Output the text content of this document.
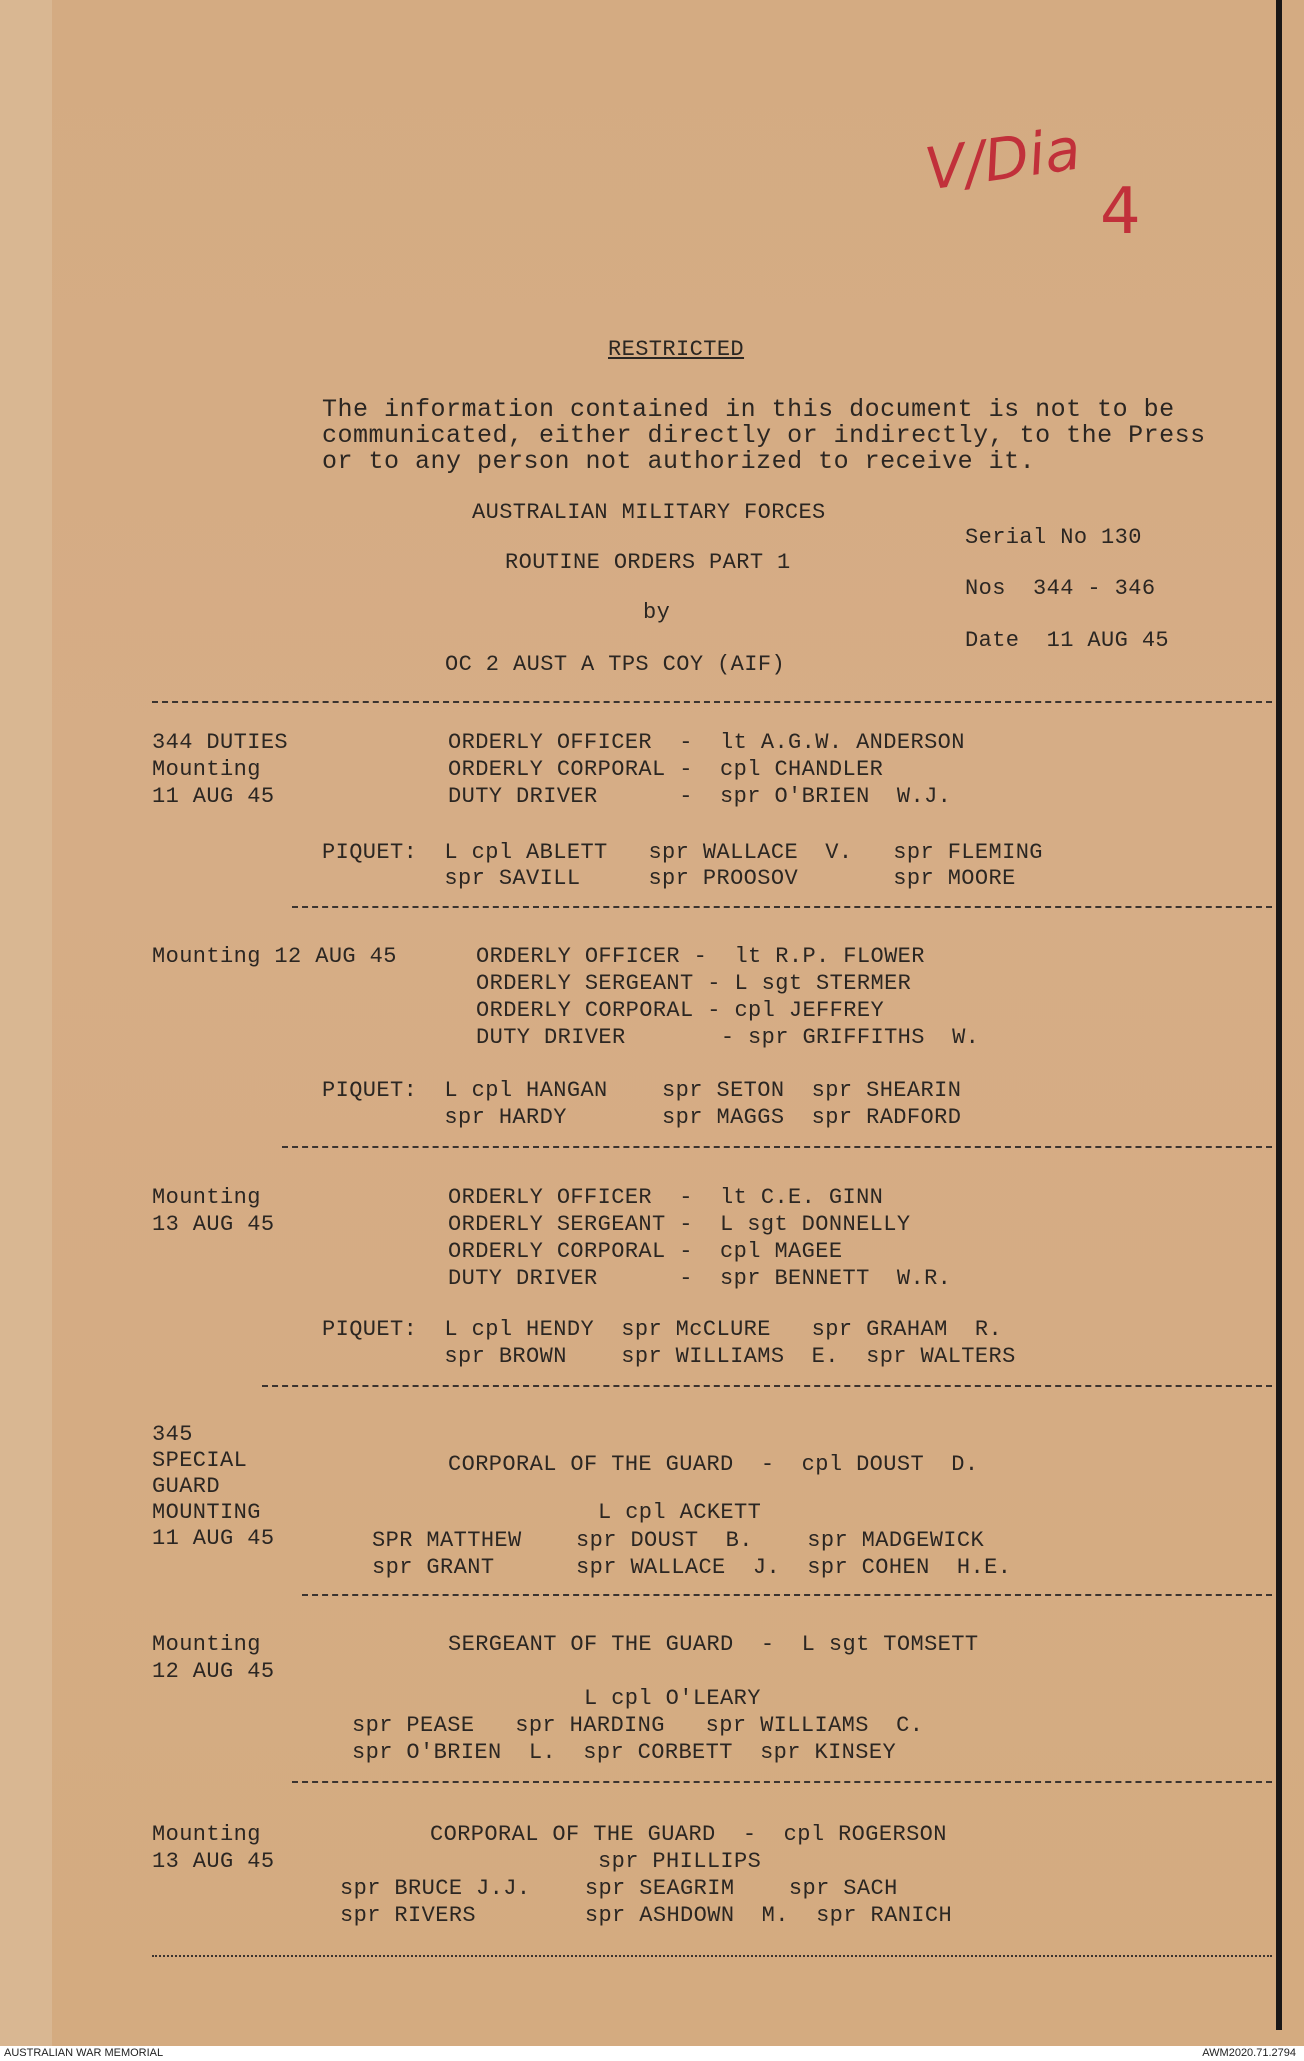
V/Dia
4
RESTRICTED
The information contained in this document is not to be
communicated, either directly or indirectly, to the Press
or to any person not authorized to receive it.
AUSTRALIAN MILITARY FORCES
ROUTINE ORDERS PART 1
by
OC 2 AUST A TPS COY (AIF)
Serial No 130
Nos  344 - 346
Date  11 AUG 45
344 DUTIES
Mounting
11 AUG 45
ORDERLY OFFICER  -  lt A.G.W. ANDERSON
ORDERLY CORPORAL -  cpl CHANDLER
DUTY DRIVER      -  spr O'BRIEN  W.J.
PIQUET:  L cpl ABLETT   spr WALLACE  V.   spr FLEMING
spr SAVILL     spr PROOSOV       spr MOORE
Mounting 12 AUG 45	ORDERLY OFFICER -  lt R.P. FLOWER
ORDERLY SERGEANT - L sgt STERMER
ORDERLY CORPORAL - cpl JEFFREY
DUTY DRIVER       - spr GRIFFITHS  W.
PIQUET:  L cpl HANGAN    spr SETON  spr SHEARIN
spr HARDY       spr MAGGS  spr RADFORD
Mounting
13 AUG 45
ORDERLY OFFICER  -  lt C.E. GINN
ORDERLY SERGEANT -  L sgt DONNELLY
ORDERLY CORPORAL -  cpl MAGEE
DUTY DRIVER      -  spr BENNETT  W.R.
PIQUET:  L cpl HENDY  spr McCLURE   spr GRAHAM  R.
spr BROWN    spr WILLIAMS  E.  spr WALTERS
345
SPECIAL
GUARD
MOUNTING
11 AUG 45
CORPORAL OF THE GUARD  -  cpl DOUST  D.
L cpl ACKETT
SPR MATTHEW    spr DOUST  B.    spr MADGEWICK
spr GRANT      spr WALLACE  J.  spr COHEN  H.E.
Mounting
12 AUG 45
SERGEANT OF THE GUARD  -  L sgt TOMSETT
L cpl O'LEARY
spr PEASE   spr HARDING   spr WILLIAMS  C.
spr O'BRIEN  L.  spr CORBETT  spr KINSEY
Mounting
13 AUG 45
CORPORAL OF THE GUARD  -  cpl ROGERSON
spr PHILLIPS
spr BRUCE J.J.    spr SEAGRIM    spr SACH
spr RIVERS        spr ASHDOWN  M.  spr RANICH
AUSTRALIAN WAR MEMORIAL	AWM2020.71.2794
